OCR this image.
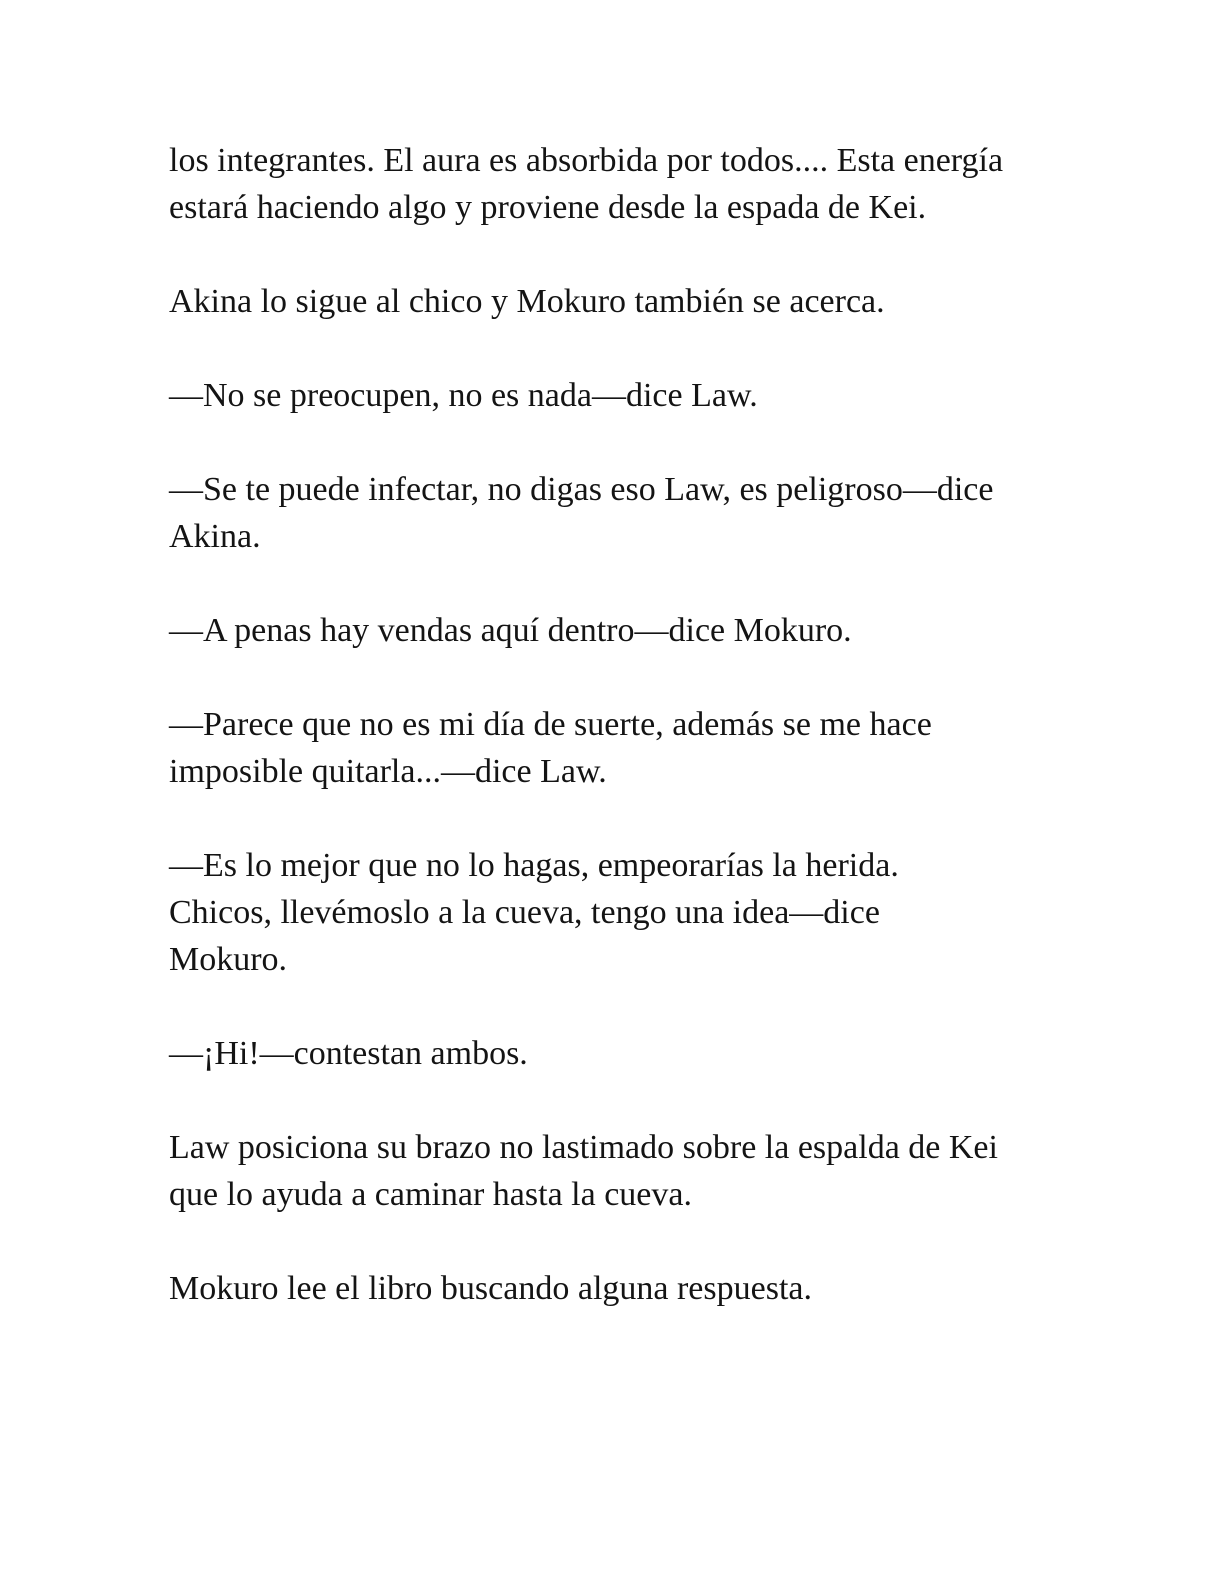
los integrantes. El aura es absorbida por todos.... Esta energía
estará haciendo algo y proviene desde la espada de Kei.

Akina lo sigue al chico y Mokuro también se acerca.

—No se preocupen, no es nada—dice Law.

—Se te puede infectar, no digas eso Law, es peligroso—dice
Akina.

—A penas hay vendas aquí dentro—dice Mokuro.

—Parece que no es mi día de suerte, además se me hace
imposible quitarla...—dice Law.

—Es lo mejor que no lo hagas, empeorarías la herida.
Chicos, llevémoslo a la cueva, tengo una idea—dice
Mokuro.

—¡Hi!—contestan ambos.

Law posiciona su brazo no lastimado sobre la espalda de Kei
que lo ayuda a caminar hasta la cueva.

Mokuro lee el libro buscando alguna respuesta.
